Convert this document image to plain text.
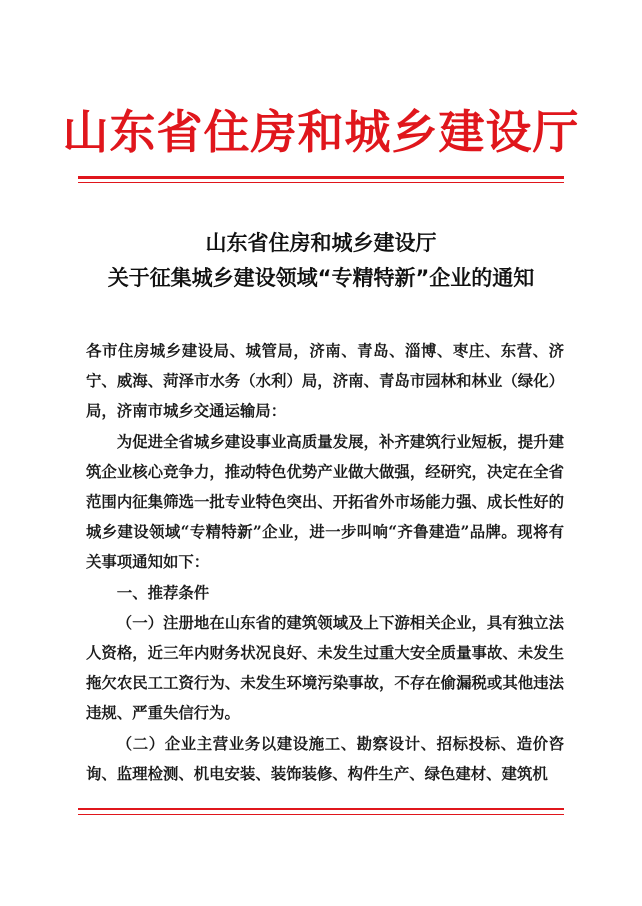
山东省住房和城乡建设厅
山东省住房和城乡建设厅
关于征集城乡建设领域“专精特新”企业的通知

各市住房城乡建设局、城管局，济南、青岛、淄博、枣庄、东营、济宁、威海、菏泽市水务（水利）局，济南、青岛市园林和林业（绿化）局，济南市城乡交通运输局：

为促进全省城乡建设事业高质量发展，补齐建筑行业短板，提升建筑企业核心竞争力，推动特色优势产业做大做强，经研究，决定在全省范围内征集筛选一批专业特色突出、开拓省外市场能力强、成长性好的城乡建设领域“专精特新”企业，进一步叫响“齐鲁建造”品牌。现将有关事项通知如下：

一、推荐条件

（一）注册地在山东省的建筑领域及上下游相关企业，具有独立法人资格，近三年内财务状况良好、未发生过重大安全质量事故、未发生拖欠农民工工资行为、未发生环境污染事故，不存在偷漏税或其他违法违规、严重失信行为。

（二）企业主营业务以建设施工、勘察设计、招标投标、造价咨询、监理检测、机电安装、装饰装修、构件生产、绿色建材、建筑机
